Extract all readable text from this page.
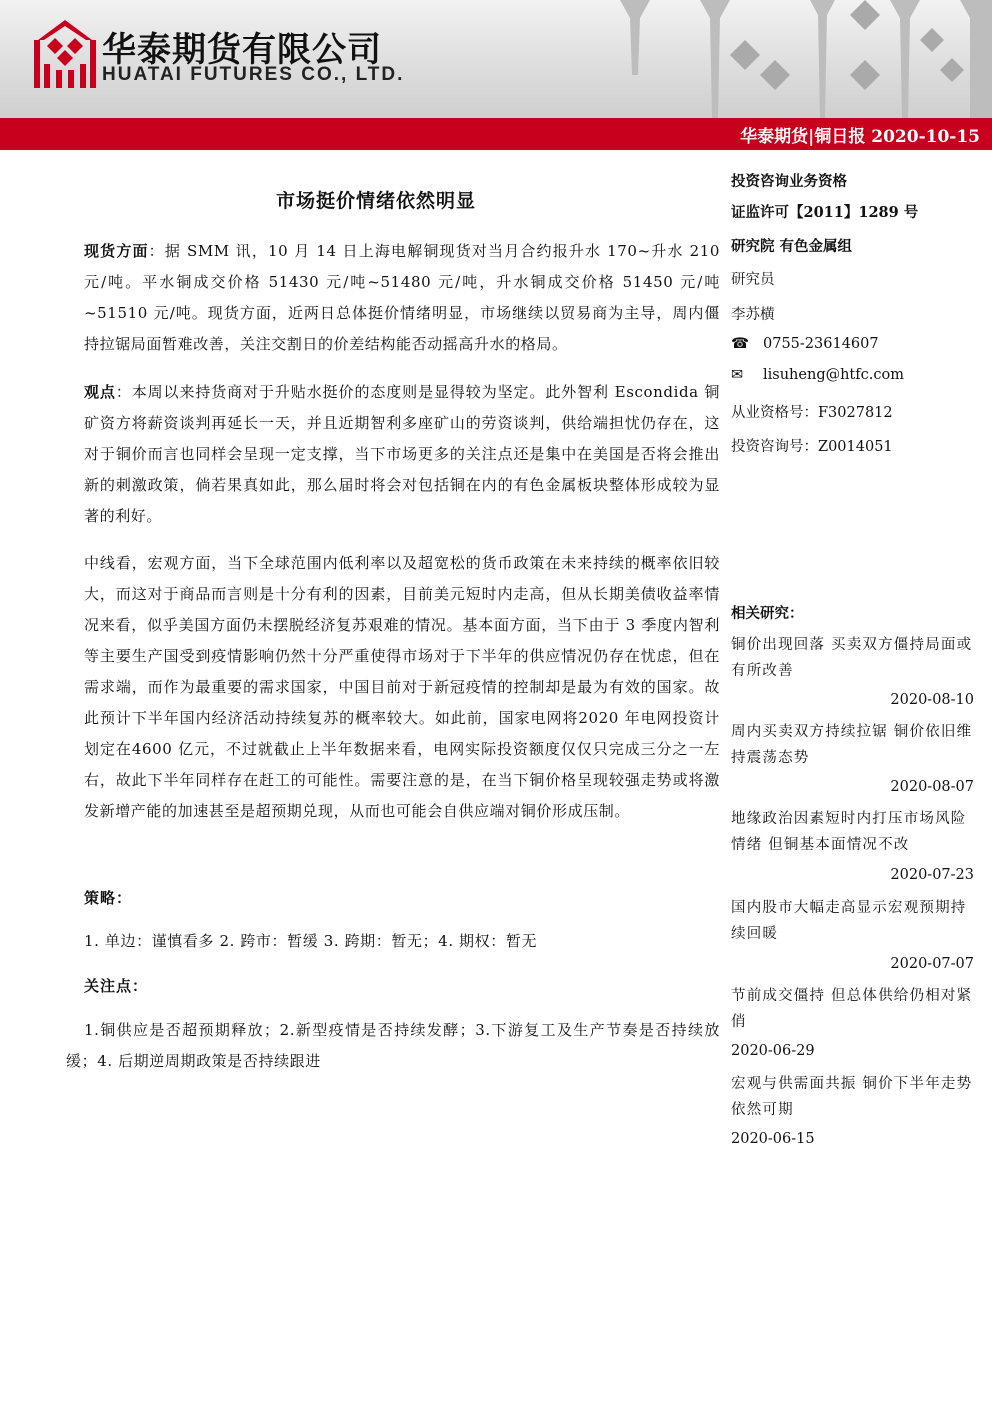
华泰期货有限公司
HUATAI FUTURES CO., LTD.
华泰期货|铜日报 2020-10-15
市场挺价情绪依然明显

现货方面：据 SMM 讯，10 月 14 日上海电解铜现货对当月合约报升水 170~升水 210 元/吨。平水铜成交价格 51430 元/吨~51480 元/吨，升水铜成交价格 51450 元/吨~51510 元/吨。现货方面，近两日总体挺价情绪明显，市场继续以贸易商为主导，周内僵持拉锯局面暂难改善，关注交割日的价差结构能否动摇高升水的格局。

观点：本周以来持货商对于升贴水挺价的态度则是显得较为坚定。此外智利 Escondida 铜矿资方将薪资谈判再延长一天，并且近期智利多座矿山的劳资谈判，供给端担忧仍存在，这对于铜价而言也同样会呈现一定支撑，当下市场更多的关注点还是集中在美国是否将会推出新的刺激政策，倘若果真如此，那么届时将会对包括铜在内的有色金属板块整体形成较为显著的利好。

中线看，宏观方面，当下全球范围内低利率以及超宽松的货币政策在未来持续的概率依旧较大，而这对于商品而言则是十分有利的因素，目前美元短时内走高，但从长期美债收益率情况来看，似乎美国方面仍未摆脱经济复苏艰难的情况。基本面方面，当下由于 3 季度内智利等主要生产国受到疫情影响仍然十分严重使得市场对于下半年的供应情况仍存在忧虑，但在需求端，而作为最重要的需求国家，中国目前对于新冠疫情的控制却是最为有效的国家。故此预计下半年国内经济活动持续复苏的概率较大。如此前，国家电网将2020 年电网投资计划定在4600 亿元，不过就截止上半年数据来看，电网实际投资额度仅仅只完成三分之一左右，故此下半年同样存在赶工的可能性。需要注意的是，在当下铜价格呈现较强走势或将激发新增产能的加速甚至是超预期兑现，从而也可能会自供应端对铜价形成压制。

策略：
1. 单边：谨慎看多 2. 跨市：暂缓 3. 跨期：暂无；4. 期权：暂无
关注点：

1.铜供应是否超预期释放；2.新型疫情是否持续发酵；3.下游复工及生产节奏是否持续放缓；4. 后期逆周期政策是否持续跟进

投资咨询业务资格
证监许可【2011】1289 号
研究院 有色金属组
研究员
李苏横
☎ 0755-23614607
✉ lisuheng@htfc.com
从业资格号：F3027812
投资咨询号：Z0014051
相关研究：

铜价出现回落 买卖双方僵持局面或有所改善

2020-08-10

周内买卖双方持续拉锯 铜价依旧维持震荡态势

2020-08-07

地缘政治因素短时内打压市场风险情绪 但铜基本面情况不改

2020-07-23

国内股市大幅走高显示宏观预期持续回暖

2020-07-07

节前成交僵持 但总体供给仍相对紧俏

2020-06-29

宏观与供需面共振 铜价下半年走势依然可期

2020-06-15
